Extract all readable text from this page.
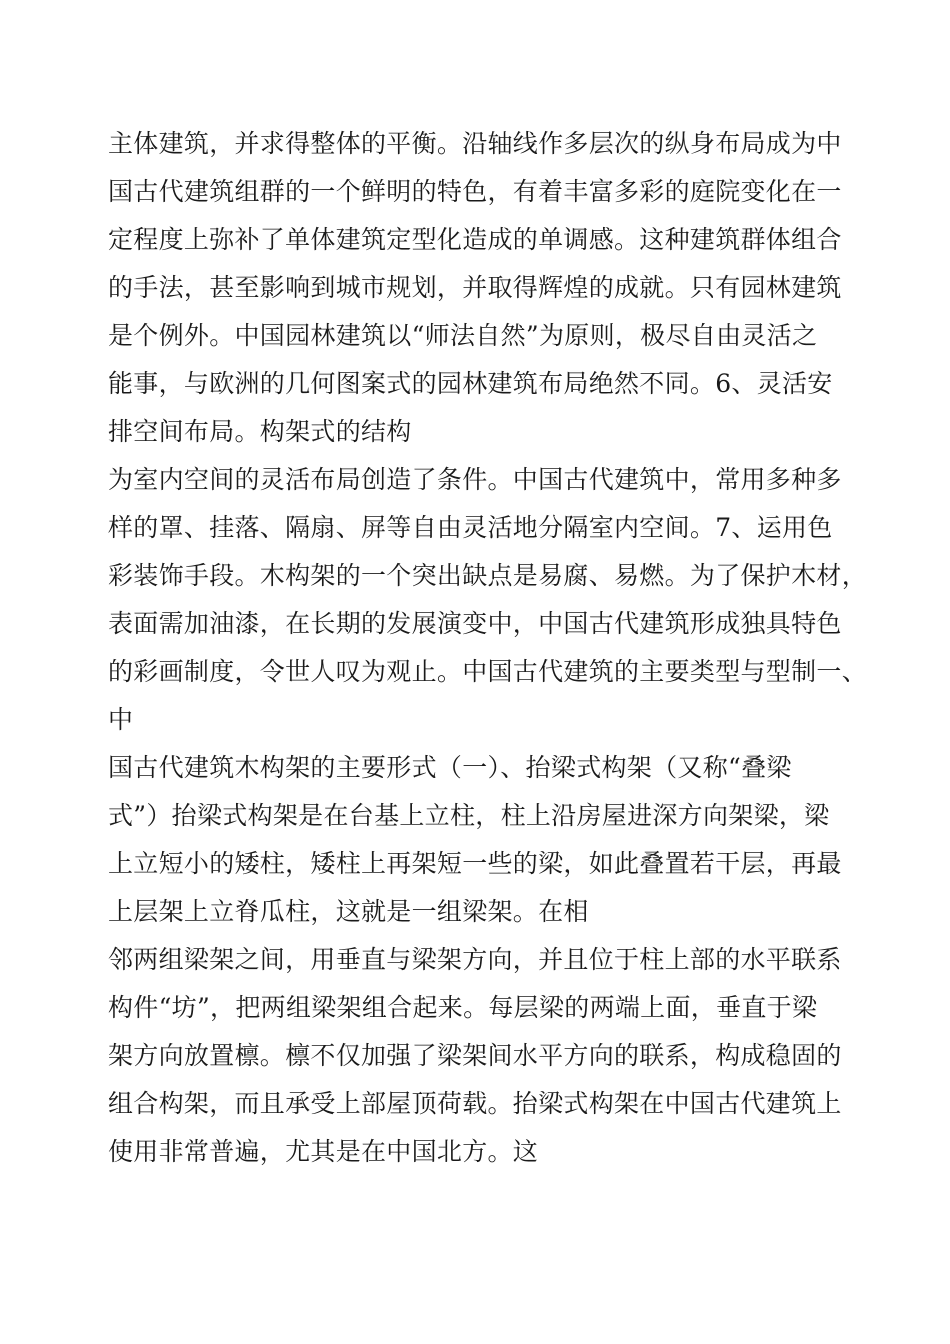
主体建筑，并求得整体的平衡。沿轴线作多层次的纵身布局成为中
国古代建筑组群的一个鲜明的特色，有着丰富多彩的庭院变化在一
定程度上弥补了单体建筑定型化造成的单调感。这种建筑群体组合
的手法，甚至影响到城市规划，并取得辉煌的成就。只有园林建筑
是个例外。中国园林建筑以“师法自然”为原则，极尽自由灵活之
能事，与欧洲的几何图案式的园林建筑布局绝然不同。6、灵活安
排空间布局。构架式的结构
为室内空间的灵活布局创造了条件。中国古代建筑中，常用多种多
样的罩、挂落、隔扇、屏等自由灵活地分隔室内空间。7、运用色
彩装饰手段。木构架的一个突出缺点是易腐、易燃。为了保护木材，
表面需加油漆，在长期的发展演变中，中国古代建筑形成独具特色
的彩画制度，令世人叹为观止。中国古代建筑的主要类型与型制一、
中
国古代建筑木构架的主要形式（一）、抬梁式构架（又称“叠梁
式”）抬梁式构架是在台基上立柱，柱上沿房屋进深方向架梁，梁
上立短小的矮柱，矮柱上再架短一些的梁，如此叠置若干层，再最
上层架上立脊瓜柱，这就是一组梁架。在相
邻两组梁架之间，用垂直与梁架方向，并且位于柱上部的水平联系
构件“坊”，把两组梁架组合起来。每层梁的两端上面，垂直于梁
架方向放置檩。檩不仅加强了梁架间水平方向的联系，构成稳固的
组合构架，而且承受上部屋顶荷载。抬梁式构架在中国古代建筑上
使用非常普遍，尤其是在中国北方。这
